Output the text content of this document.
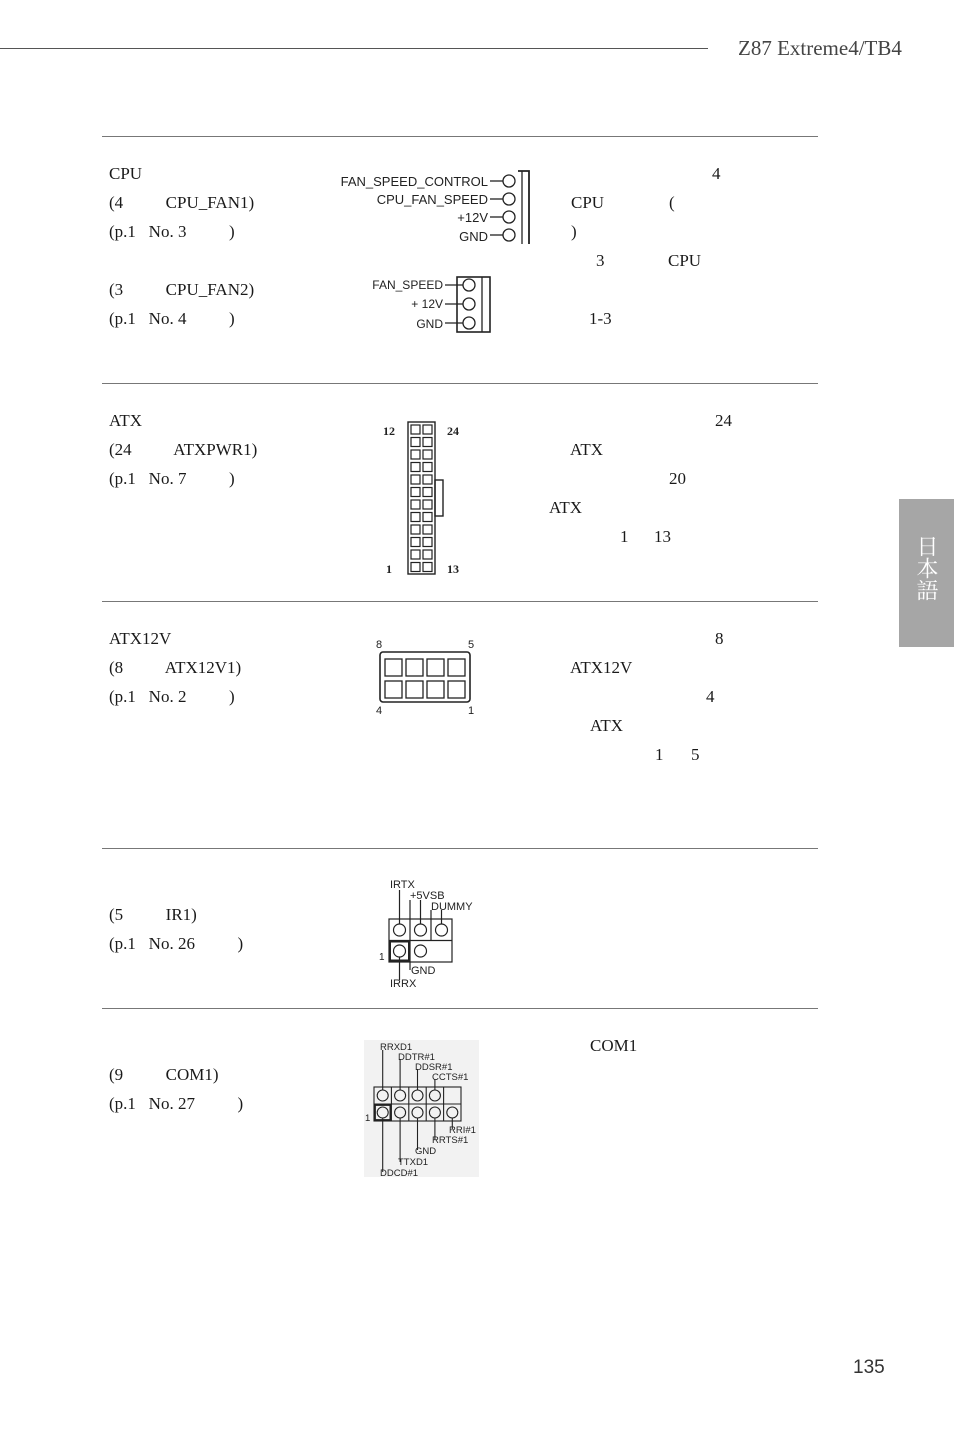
Z87 Extreme4/TB4
CPU
(4          CPU_FAN1)
(p.1   No. 3          )
(3          CPU_FAN2)
(p.1   No. 4          )
4
CPU	(
)
3	CPU
1-3
FAN_SPEED_CONTROL
CPU_FAN_SPEED
+12V
GND
FAN_SPEED
+ 12V
GND
ATX
(24          ATXPWR1)
(p.1   No. 7          )
24
ATX
20
ATX
1 13
12	24
1	13	日本語
ATX12V
(8          ATX12V1)
(p.1   No. 2          )
8
ATX12V
4
ATX
1 5
8	5
4	1
(5          IR1)
(p.1   No. 26          )
IRTX
+5VSB
DUMMY
1
GND
IRRX
(9          COM1)
(p.1   No. 27          )
COM1
RRXD1
DDTR#1
DDSR#1
CCTS#1
1
RRI#1
RRTS#1
GND
TTXD1
DDCD#1
135
